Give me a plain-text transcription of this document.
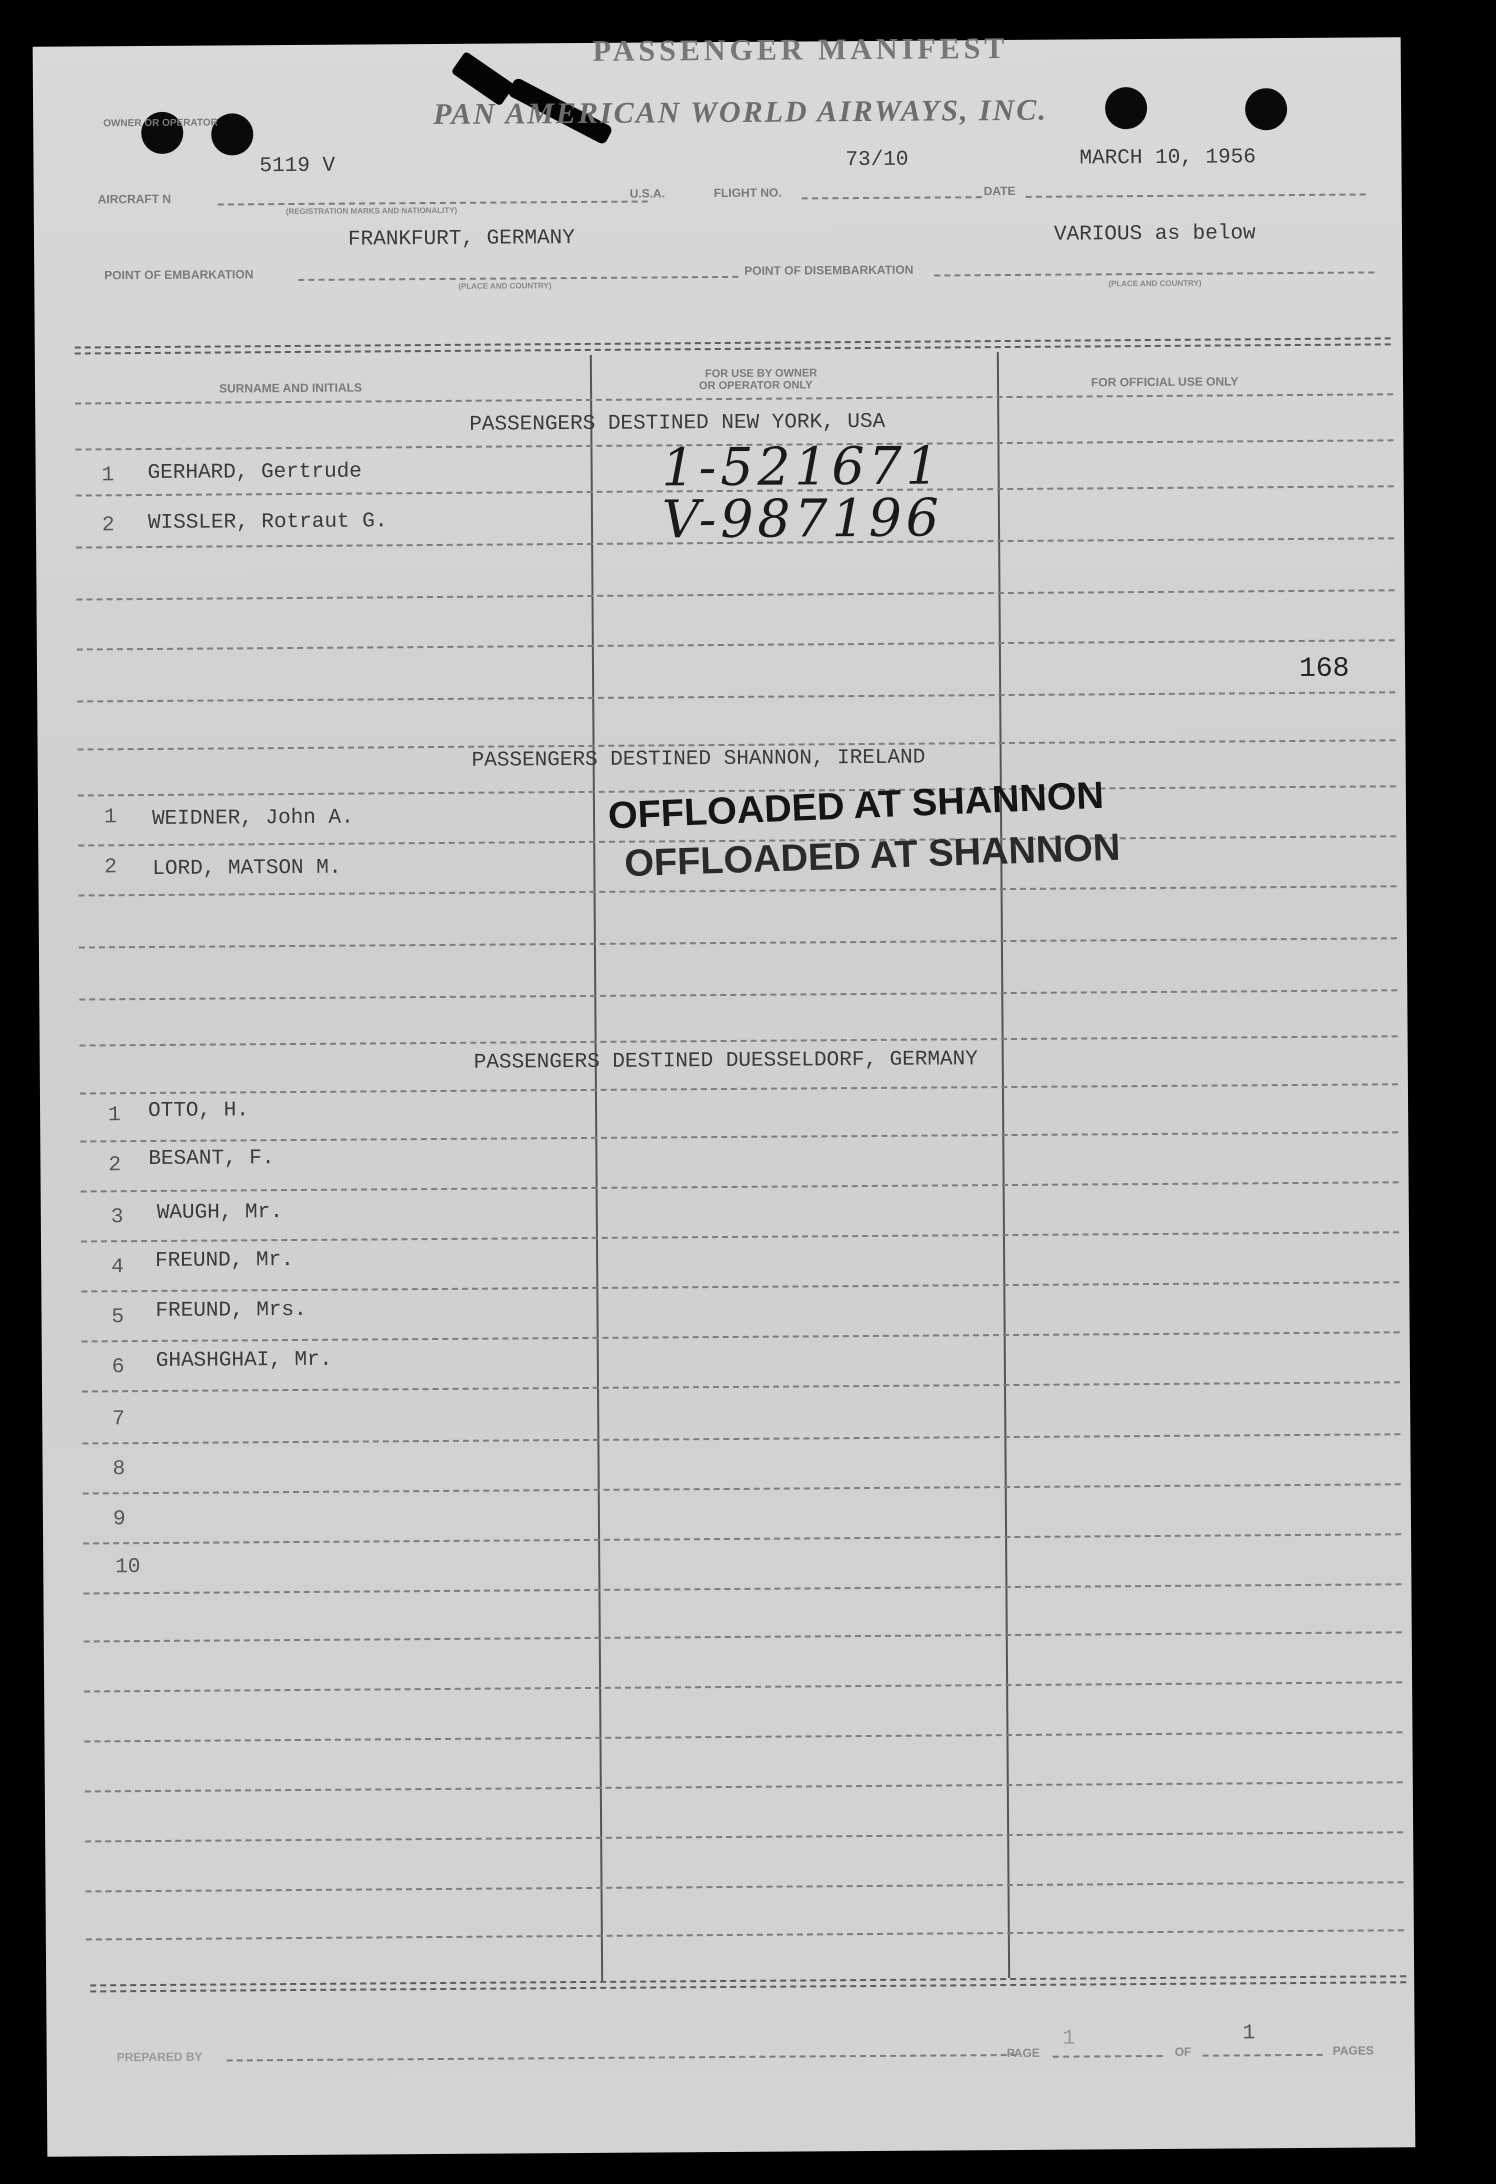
PASSENGER MANIFEST
OWNER OR OPERATOR	PAN AMERICAN WORLD AIRWAYS, INC.
5119 V	73/10	MARCH 10, 1956
AIRCRAFT N
(REGISTRATION MARKS AND NATIONALITY)
U.S.A.	FLIGHT NO.	DATE
FRANKFURT, GERMANY	VARIOUS as below
POINT OF EMBARKATION	POINT OF DISEMBARKATION
(PLACE AND COUNTRY)	(PLACE AND COUNTRY)
SURNAME AND INITIALS
FOR USE BY OWNER
OR OPERATOR ONLY	FOR OFFICIAL USE ONLY
PASSENGERS DESTINED NEW YORK, USA
1 GERHARD, Gertrude	1-521671
2 WISSLER, Rotraut G.	V-987196
168
PASSENGERS DESTINED SHANNON, IRELAND
1 WEIDNER, John A.	OFFLOADED AT SHANNON
2 LORD, MATSON M.	OFFLOADED AT SHANNON
PASSENGERS DESTINED DUESSELDORF, GERMANY
1 OTTO, H.
2 BESANT, F.
3 WAUGH, Mr.
4 FREUND, Mr.
5 FREUND, Mrs.
6 GHASHGHAI, Mr.
7
8
9
10
PREPARED BY	PAGE
1
OF
1
PAGES
